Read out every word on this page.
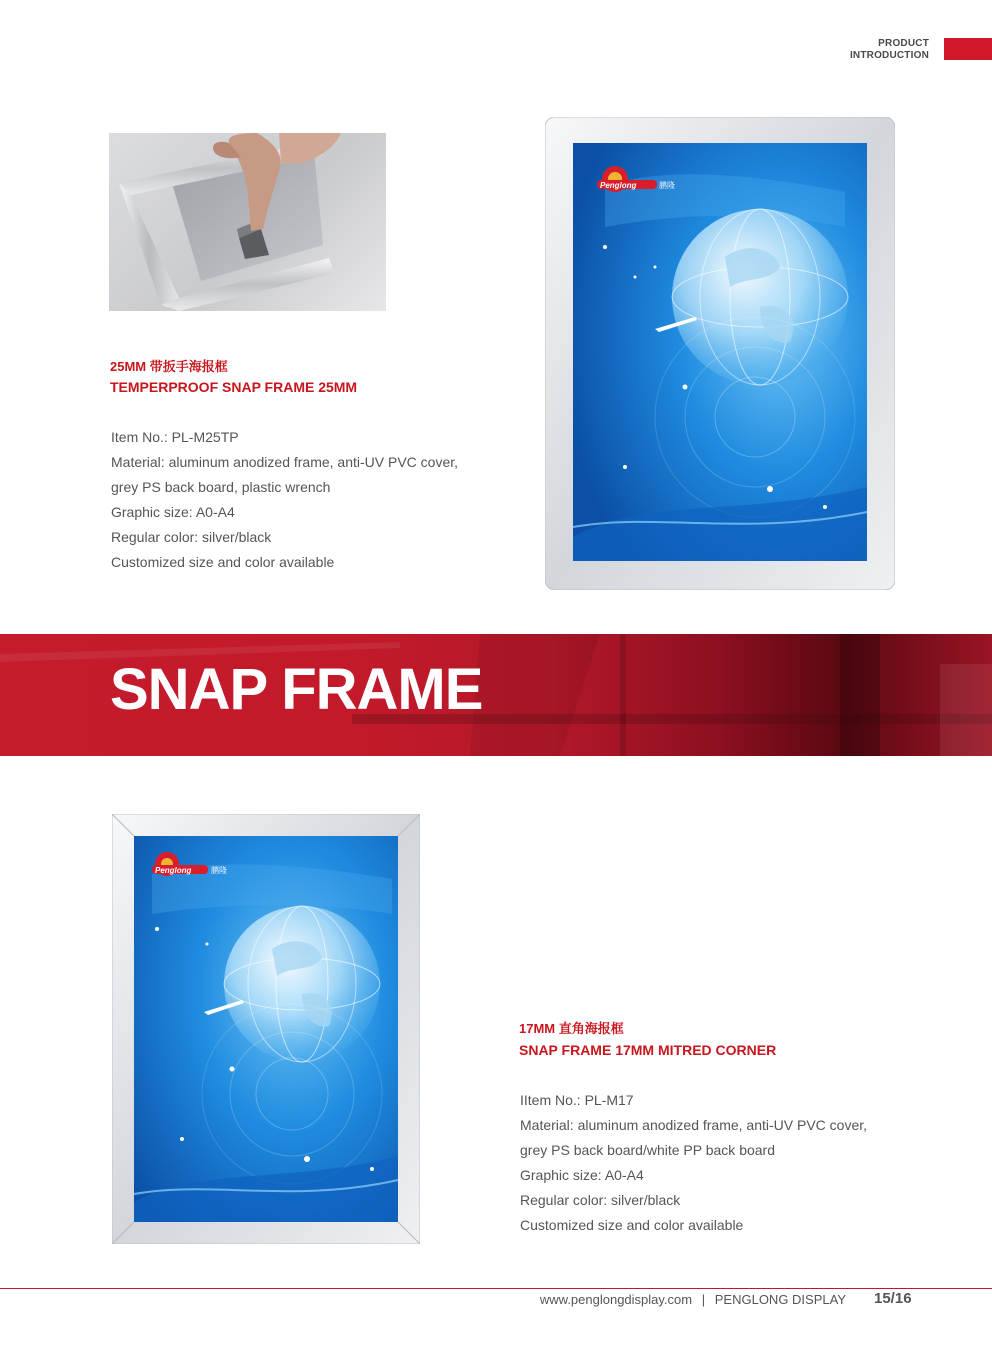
PRODUCT
INTRODUCTION
25MM 带扳手海报框
TEMPERPROOF SNAP FRAME 25MM
Item No.: PL-M25TP
Material: aluminum anodized frame, anti-UV PVC cover,
grey PS back board, plastic wrench
Graphic size: A0-A4
Regular color: silver/black
Customized size and color available
Penglong	鹏隆
SNAP FRAME
Penglong 鹏隆
17MM 直角海报框
SNAP FRAME 17MM MITRED CORNER
IItem No.: PL-M17
Material: aluminum anodized frame, anti-UV PVC cover,
grey PS back board/white PP back board
Graphic size: A0-A4
Regular color: silver/black
Customized size and color available
www.penglongdisplay.com | PENGLONG DISPLAY 15/16
